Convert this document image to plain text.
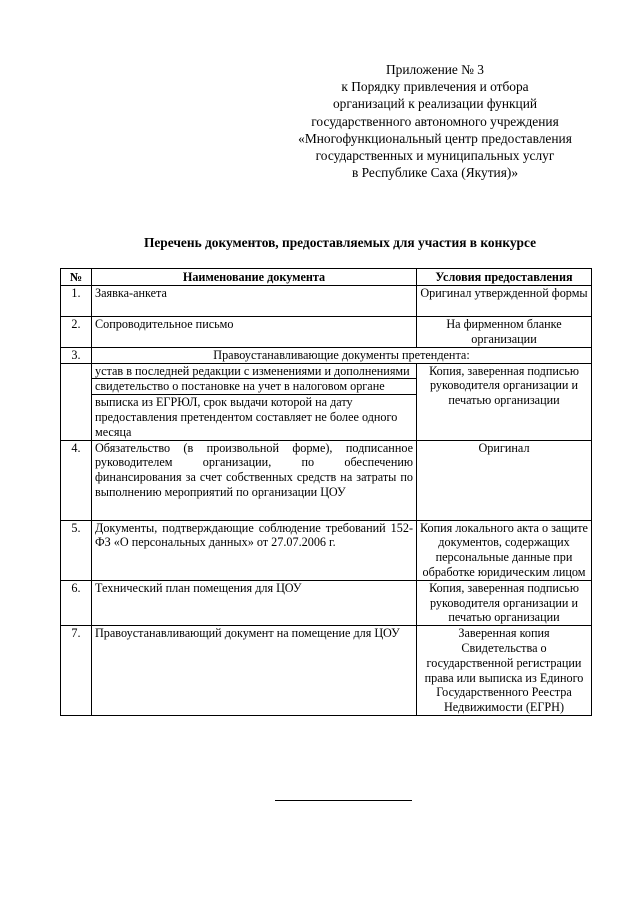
Приложение № 3
к Порядку привлечения и отбора
организаций к реализации функций
государственного автономного учреждения
«Многофункциональный центр предоставления
государственных и муниципальных услуг
в Республике Саха (Якутия)»
Перечень документов, предоставляемых для участия в конкурсе
№	Наименование документа	Условия предоставления
1.	Заявка-анкета	Оригинал утвержденной формы
2.	Сопроводительное письмо	На фирменном бланке организации
3.	Правоустанавливающие документы претендента:	
	устав в последней редакции с изменениями и дополнениями	Копия, заверенная подписью руководителя организации и печатью организации
	свидетельство о постановке на учет в налоговом органе	
	выписка из ЕГРЮЛ, срок выдачи которой на дату предоставления претендентом составляет не более одного месяца	
4.	Обязательство (в произвольной форме), подписанное руководителем организации, по обеспечению финансирования за счет собственных средств на затраты по выполнению мероприятий по организации ЦОУ	Оригинал
5.	Документы, подтверждающие соблюдение требований 152-ФЗ «О персональных данных» от 27.07.2006 г.	Копия локального акта о защите документов, содержащих персональные данные при обработке юридическим лицом
6.	Технический план помещения для ЦОУ	Копия, заверенная подписью руководителя организации и печатью организации
7.	Правоустанавливающий документ на помещение для ЦОУ	Заверенная копия Свидетельства о государственной регистрации права или выписка из Единого Государственного Реестра Недвижимости (ЕГРН)
